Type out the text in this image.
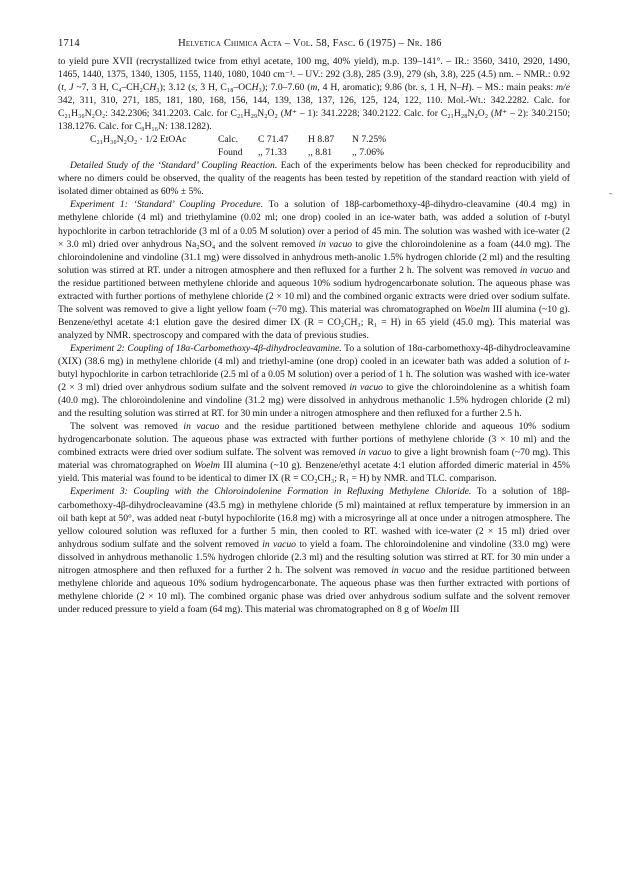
1714	Helvetica Chimica Acta – Vol. 58, Fasc. 6 (1975) – Nr. 186

to yield pure XVII (recrystallized twice from ethyl acetate, 100 mg, 40% yield), m.p. 139–141°. – IR.: 3560, 3410, 2920, 1490, 1465, 1440, 1375, 1340, 1305, 1155, 1140, 1080, 1040 cm⁻¹. – UV.: 292 (3.8), 285 (3.9), 279 (sh, 3.8), 225 (4.5) nm. – NMR.: 0.92 (t, J ~7, 3 H, C₄–CH₂CH₃); 3.12 (s, 3 H, C₁₈–OCH₃); 7.0–7.60 (m, 4 H, aromatic); 9.86 (br. s, 1 H, N–H). – MS.: main peaks: m/e 342, 311, 310, 271, 185, 181, 180, 168, 156, 144, 139, 138, 137, 126, 125, 124, 122, 110. Mol.-Wt.: 342.2282. Calc. for C₂₁H₃₀N₂O₂: 342.2306; 341.2203. Calc. for C₂₁H₂₉N₂O₂ (M⁺ – 1): 341.2228; 340.2122. Calc. for C₂₁H₂₈N₂O₂ (M⁺ – 2): 340.2150; 138.1276. Calc. for C₉H₁₆N: 138.1282).

C₂₁H₃₀N₂O₂ · 1/2 EtOAc	Calc.	C 71.47	H 8.87	N 7.25%
Found	,, 71.33	,, 8.81	,, 7.06%

Detailed Study of the ‘Standard’ Coupling Reaction. Each of the experiments below has been checked for reproducibility and where no dimers could be observed, the quality of the reagents has been tested by repetition of the standard reaction with yield of isolated dimer obtained as 60% ± 5%.

Experiment 1: ‘Standard’ Coupling Procedure. To a solution of 18β-carbomethoxy-4β-dihydro-cleavamine (40.4 mg) in methylene chloride (4 ml) and triethylamine (0.02 ml; one drop) cooled in an ice-water bath, was added a solution of t-butyl hypochlorite in carbon tetrachloride (3 ml of a 0.05 M solution) over a period of 45 min. The solution was washed with ice-water (2 × 3.0 ml) dried over anhydrous Na₂SO₄ and the solvent removed in vacuo to give the chloroindolenine as a foam (44.0 mg). The chloroindolenine and vindoline (31.1 mg) were dissolved in anhydrous meth-anolic 1.5% hydrogen chloride (2 ml) and the resulting solution was stirred at RT. under a nitrogen atmosphere and then refluxed for a further 2 h. The solvent was removed in vacuo and the residue partitioned between methylene chloride and aqueous 10% sodium hydrogencarbonate solution. The aqueous phase was extracted with further portions of methylene chloride (2 × 10 ml) and the combined organic extracts were dried over sodium sulfate. The solvent was removed to give a light yellow foam (~70 mg). This material was chromatographed on Woelm III alumina (~10 g). Benzene/ethyl acetate 4:1 elution gave the desired dimer IX (R = CO₂CH₃; R₁ = H) in 65 yield (45.0 mg). This material was analyzed by NMR. spectroscopy and compared with the data of previous studies.

Experiment 2: Coupling of 18α-Carbomethoxy-4β-dihydrocleavamine. To a solution of 18α-carbomethoxy-4β-dihydrocleavamine (XIX) (38.6 mg) in methylene chloride (4 ml) and triethyl-amine (one drop) cooled in an icewater bath was added a solution of t-butyl hypochlorite in carbon tetrachloride (2.5 ml of a 0.05 M solution) over a period of 1 h. The solution was washed with ice-water (2 × 3 ml) dried over anhydrous sodium sulfate and the solvent removed in vacuo to give the chloroindolenine as a whitish foam (40.0 mg). The chloroindolenine and vindoline (31.2 mg) were dissolved in anhydrous methanolic 1.5% hydrogen chloride (2 ml) and the resulting solution was stirred at RT. for 30 min under a nitrogen atmosphere and then refluxed for a further 2.5 h.

The solvent was removed in vacuo and the residue partitioned between methylene chloride and aqueous 10% sodium hydrogencarbonate solution. The aqueous phase was extracted with further portions of methylene chloride (3 × 10 ml) and the combined extracts were dried over sodium sulfate. The solvent was removed in vacuo to give a light brownish foam (~70 mg). This material was chromatographed on Woelm III alumina (~10 g). Benzene/ethyl acetate 4:1 elution afforded dimeric material in 45% yield. This material was found to be identical to dimer IX (R = CO₂CH₃; R₁ = H) by NMR. and TLC. comparison.

Experiment 3: Coupling with the Chloroindolenine Formation in Refluxing Methylene Chloride. To a solution of 18β-carbomethoxy-4β-dihydrocleavamine (43.5 mg) in methylene chloride (5 ml) maintained at reflux temperature by immersion in an oil bath kept at 50°, was added neat t-butyl hypochlorite (16.8 mg) with a microsyringe all at once under a nitrogen atmosphere. The yellow coloured solution was refluxed for a further 5 min, then cooled to RT. washed with ice-water (2 × 15 ml) dried over anhydrous sodium sulfate and the solvent removed in vacuo to yield a foam. The chloroindolenine and vindoline (33.0 mg) were dissolved in anhydrous methanolic 1.5% hydrogen chloride (2.3 ml) and the resulting solution was stirred at RT. for 30 min under a nitrogen atmosphere and then refluxed for a further 2 h. The solvent was removed in vacuo and the residue partitioned between methylene chloride and aqueous 10% sodium hydrogencarbonate. The aqueous phase was then further extracted with portions of methylene chloride (2 × 10 ml). The combined organic phase was dried over anhydrous sodium sulfate and the solvent remover under reduced pressure to yield a foam (64 mg). This material was chromatographed on 8 g of Woelm III

-
